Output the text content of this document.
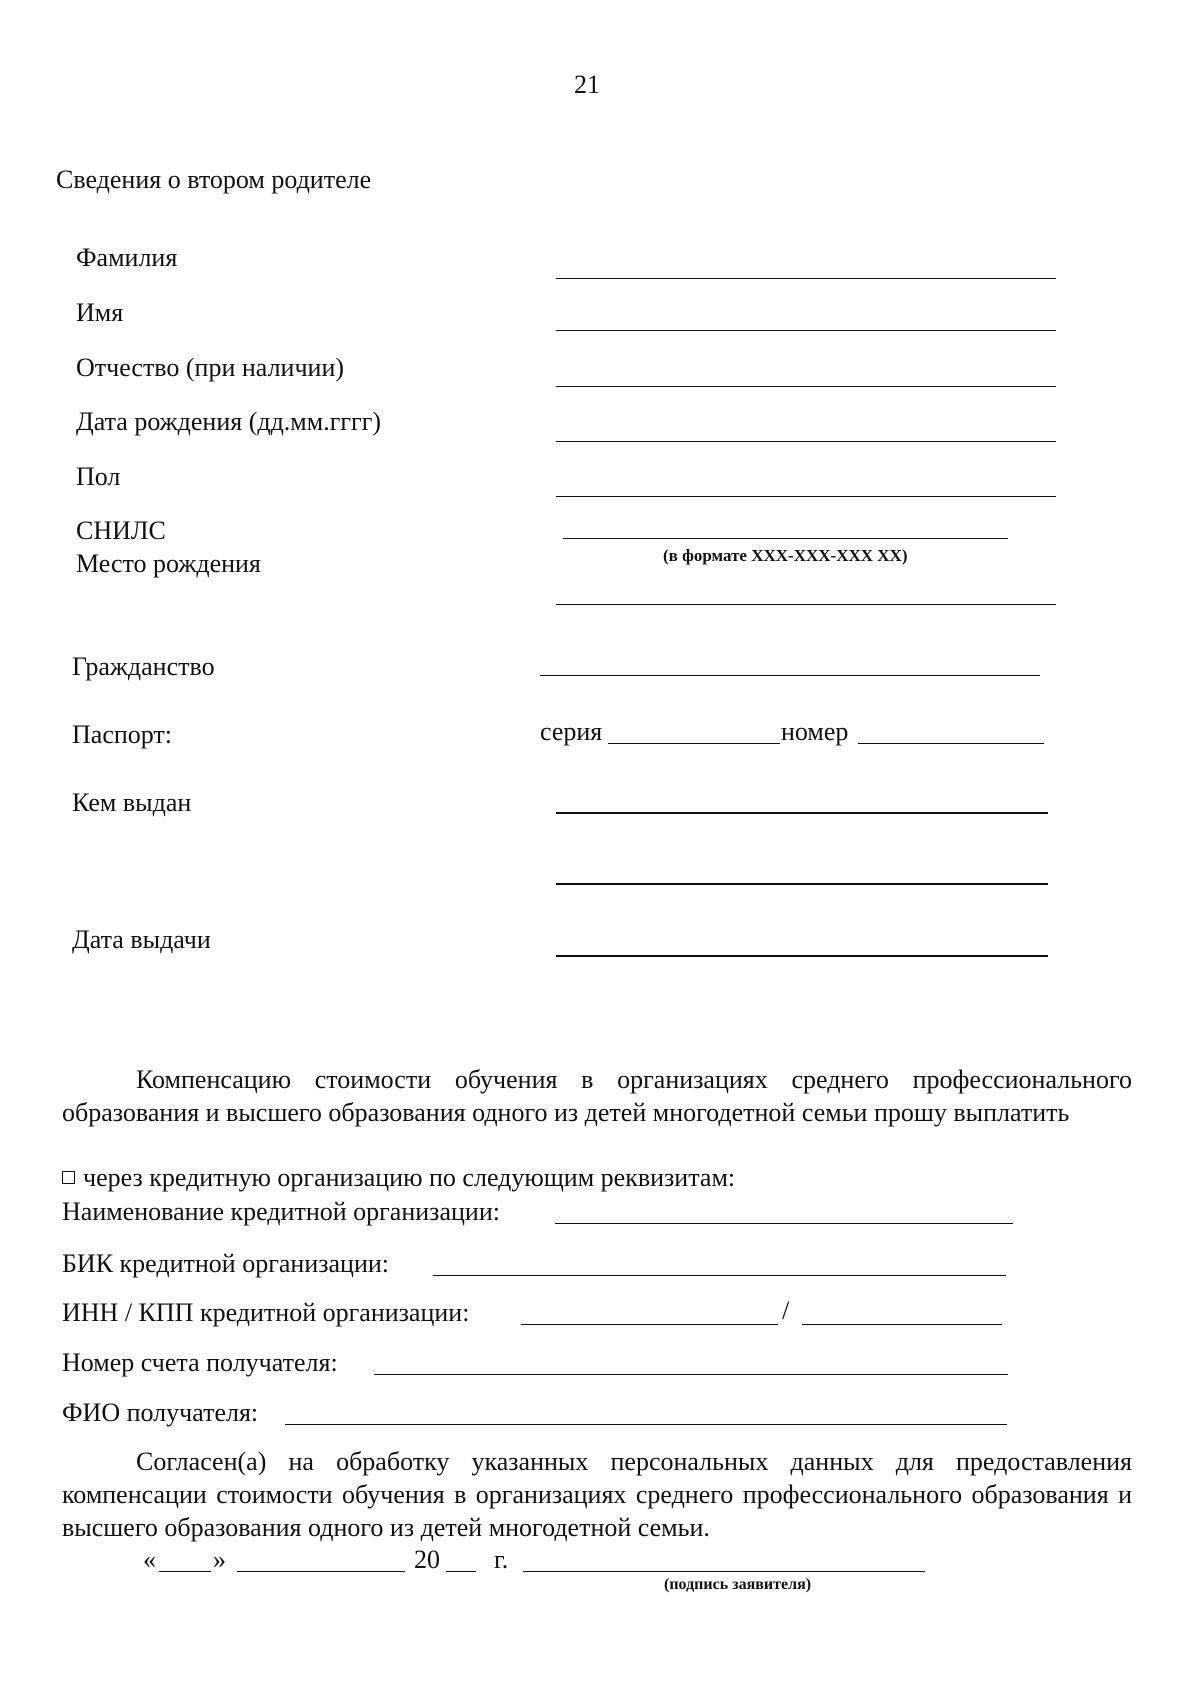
21
Сведения о втором родителе
Фамилия
Имя
Отчество (при наличии)
Дата рождения (дд.мм.гггг)
Пол
СНИЛС
(в формате ХХХ-ХХХ-ХХХ ХХ)
Место рождения
Гражданство
Паспорт:	серия	номер
Кем выдан
Дата выдачи
Компенсацию стоимости обучения в организациях среднего профессионального образования и высшего образования одного из детей многодетной семьи прошу выплатить
через кредитную организацию по следующим реквизитам:
Наименование кредитной организации:
БИК кредитной организации:
ИНН / КПП кредитной организации:	/
Номер счета получателя:
ФИО получателя:
Согласен(а) на обработку указанных персональных данных для предоставления компенсации стоимости обучения в организациях среднего профессионального образования и высшего образования одного из детей многодетной семьи.
« »	20 г.
(подпись заявителя)
